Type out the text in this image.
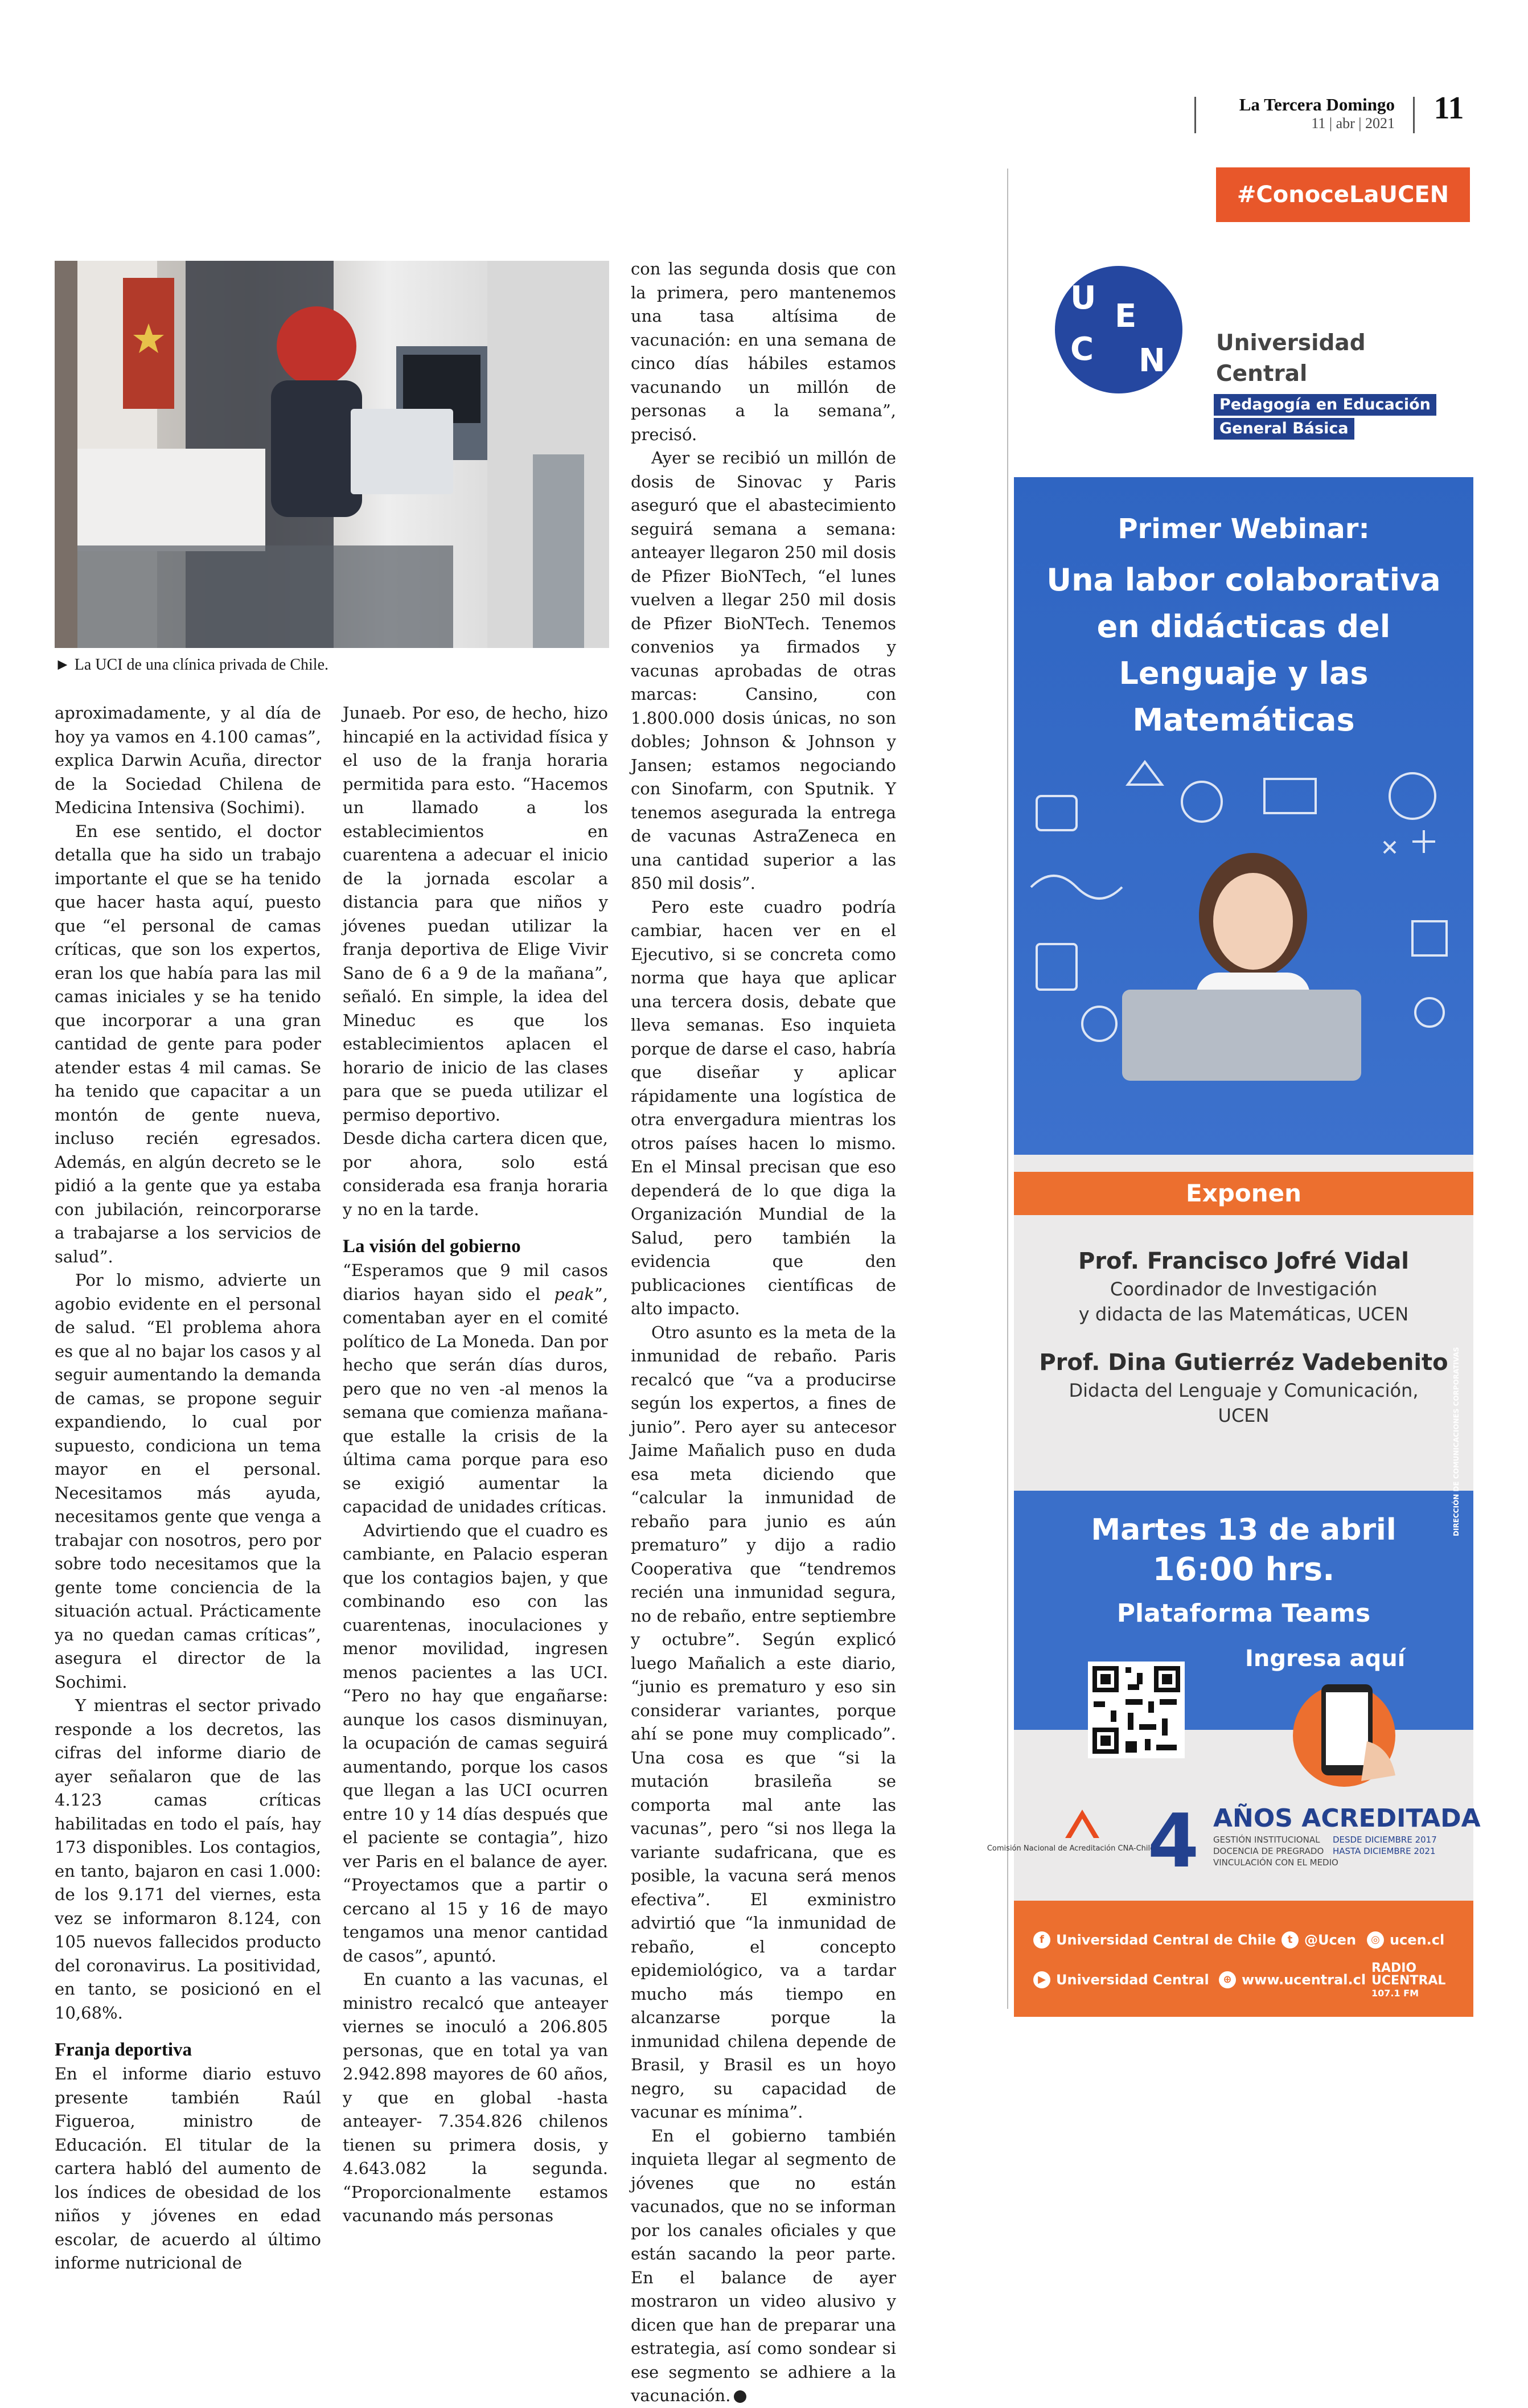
La Tercera Domingo
11 | abr | 2021	11
► La UCI de una clínica privada de Chile.

aproximadamente, y al día de hoy ya vamos en 4.100 camas”, explica Darwin Acuña, director de la Sociedad Chilena de Medicina Intensiva (Sochimi).

En ese sentido, el doctor detalla que ha sido un trabajo importante el que se ha tenido que hacer hasta aquí, puesto que “el personal de camas críticas, que son los expertos, eran los que había para las mil camas iniciales y se ha tenido que incorporar a una gran cantidad de gente para poder atender estas 4 mil camas. Se ha tenido que capacitar a un montón de gente nueva, incluso recién egresados. Además, en algún decreto se le pidió a la gente que ya estaba con jubilación, reincorporarse a trabajarse a los servicios de salud”.

Por lo mismo, advierte un agobio evidente en el personal de salud. “El problema ahora es que al no bajar los casos y al seguir aumentando la demanda de camas, se propone seguir expandiendo, lo cual por supuesto, condiciona un tema mayor en el personal. Necesitamos más ayuda, necesitamos gente que venga a trabajar con nosotros, pero por sobre todo necesitamos que la gente tome conciencia de la situación actual. Prácticamente ya no quedan camas críticas”, asegura el director de la Sochimi.

Y mientras el sector privado responde a los decretos, las cifras del informe diario de ayer señalaron que de las 4.123 camas críticas habilitadas en todo el país, hay 173 disponibles. Los contagios, en tanto, bajaron en casi 1.000: de los 9.171 del viernes, esta vez se informaron 8.124, con 105 nuevos fallecidos producto del coronavirus. La positividad, en tanto, se posicionó en el 10,68%.

Franja deportiva

En el informe diario estuvo presente también Raúl Figueroa, ministro de Educación. El titular de la cartera habló del aumento de los índices de obesidad de los niños y jóvenes en edad escolar, de acuerdo al último informe nutricional de

Junaeb. Por eso, de hecho, hizo hincapié en la actividad física y el uso de la franja horaria permitida para esto. “Hacemos un llamado a los establecimientos en cuarentena a adecuar el inicio de la jornada escolar a distancia para que niños y jóvenes puedan utilizar la franja deportiva de Elige Vivir Sano de 6 a 9 de la mañana”, señaló. En simple, la idea del Mineduc es que los establecimientos aplacen el horario de inicio de las clases para que se pueda utilizar el permiso deportivo.

Desde dicha cartera dicen que, por ahora, solo está considerada esa franja horaria y no en la tarde.

La visión del gobierno

“Esperamos que 9 mil casos diarios hayan sido el peak”, comentaban ayer en el comité político de La Moneda. Dan por hecho que serán días duros, pero que no ven -al menos la semana que comienza mañana- que estalle la crisis de la última cama porque para eso se exigió aumentar la capacidad de unidades críticas.

Advirtiendo que el cuadro es cambiante, en Palacio esperan que los contagios bajen, y que combinando eso con las cuarentenas, inoculaciones y menor movilidad, ingresen menos pacientes a las UCI. “Pero no hay que engañarse: aunque los casos disminuyan, la ocupación de camas seguirá aumentando, porque los casos que llegan a las UCI ocurren entre 10 y 14 días después que el paciente se contagia”, hizo ver Paris en el balance de ayer. “Proyectamos que a partir o cercano al 15 y 16 de mayo tengamos una menor cantidad de casos”, apuntó.

En cuanto a las vacunas, el ministro recalcó que anteayer viernes se inoculó a 206.805 personas, que en total ya van 2.942.898 mayores de 60 años, y que en global -hasta anteayer- 7.354.826 chilenos tienen su primera dosis, y 4.643.082 la segunda. “Proporcionalmente estamos vacunando más personas

con las segunda dosis que con la primera, pero mantenemos una tasa altísima de vacunación: en una semana de cinco días hábiles estamos vacunando un millón de personas a la semana”, precisó.

Ayer se recibió un millón de dosis de Sinovac y Paris aseguró que el abastecimiento seguirá semana a semana: anteayer llegaron 250 mil dosis de Pfizer BioNTech, “el lunes vuelven a llegar 250 mil dosis de Pfizer BioNTech. Tenemos convenios ya firmados y vacunas aprobadas de otras marcas: Cansino, con 1.800.000 dosis únicas, no son dobles; Johnson & Johnson y Jansen; estamos negociando con Sinofarm, con Sputnik. Y tenemos asegurada la entrega de vacunas AstraZeneca en una cantidad superior a las 850 mil dosis”.

Pero este cuadro podría cambiar, hacen ver en el Ejecutivo, si se concreta como norma que haya que aplicar una tercera dosis, debate que lleva semanas. Eso inquieta porque de darse el caso, habría que diseñar y aplicar rápidamente una logística de otra envergadura mientras los otros países hacen lo mismo. En el Minsal precisan que eso dependerá de lo que diga la Organización Mundial de la Salud, pero también la evidencia que den publicaciones científicas de alto impacto.

Otro asunto es la meta de la inmunidad de rebaño. Paris recalcó que “va a producirse según los expertos, a fines de junio”. Pero ayer su antecesor Jaime Mañalich puso en duda esa meta diciendo que “calcular la inmunidad de rebaño para junio es aún prematuro” y dijo a radio Cooperativa que “tendremos recién una inmunidad segura, no de rebaño, entre septiembre y octubre”. Según explicó luego Mañalich a este diario, “junio es prematuro y eso sin considerar variantes, porque ahí se pone muy complicado”. Una cosa es que “si la mutación brasileña se comporta mal ante las vacunas”, pero “si nos llega la variante sudafricana, que es posible, la vacuna será menos efectiva”. El exministro advirtió que “la inmunidad de rebaño, el concepto epidemiológico, va a tardar mucho más tiempo en alcanzarse porque la inmunidad chilena depende de Brasil, y Brasil es un hoyo negro, su capacidad de vacunar es mínima”.

En el gobierno también inquieta llegar al segmento de jóvenes que no están vacunados, que no se informan por los canales oficiales y que están sacando la peor parte. En el balance de ayer mostraron un video alusivo y dicen que han de preparar una estrategia, así como sondear si ese segmento se adhiere a la vacunación.

#ConoceLaUCEN
U
C
E
N Universidad
Central
Pedagogía en Educación
General Básica
Primer Webinar:
Una labor colaborativa en didácticas del Lenguaje y las Matemáticas
Exponen
Prof. Francisco Jofré Vidal
Coordinador de Investigación
y didacta de las Matemáticas, UCEN
Prof. Dina Gutierréz Vadebenito
Didacta del Lenguaje y Comunicación,
UCEN
Martes 13 de abril
16:00 hrs.
Plataforma Teams
Ingresa aquí
DIRECCIÓN DE COMUNICACIONES CORPORATIVAS
Comisión Nacional de Acreditación CNA-Chile
4 AÑOS ACREDITADA
GESTIÓN INSTITUCIONAL
DOCENCIA DE PREGRADO
VINCULACIÓN CON EL MEDIO
DESDE DICIEMBRE 2017
HASTA DICIEMBRE 2021
f Universidad Central de Chile	t @Ucen	◎ ucen.cl
▶ Universidad Central	⊕ www.ucentral.cl
RADIO
UCENTRAL
107.1 FM
